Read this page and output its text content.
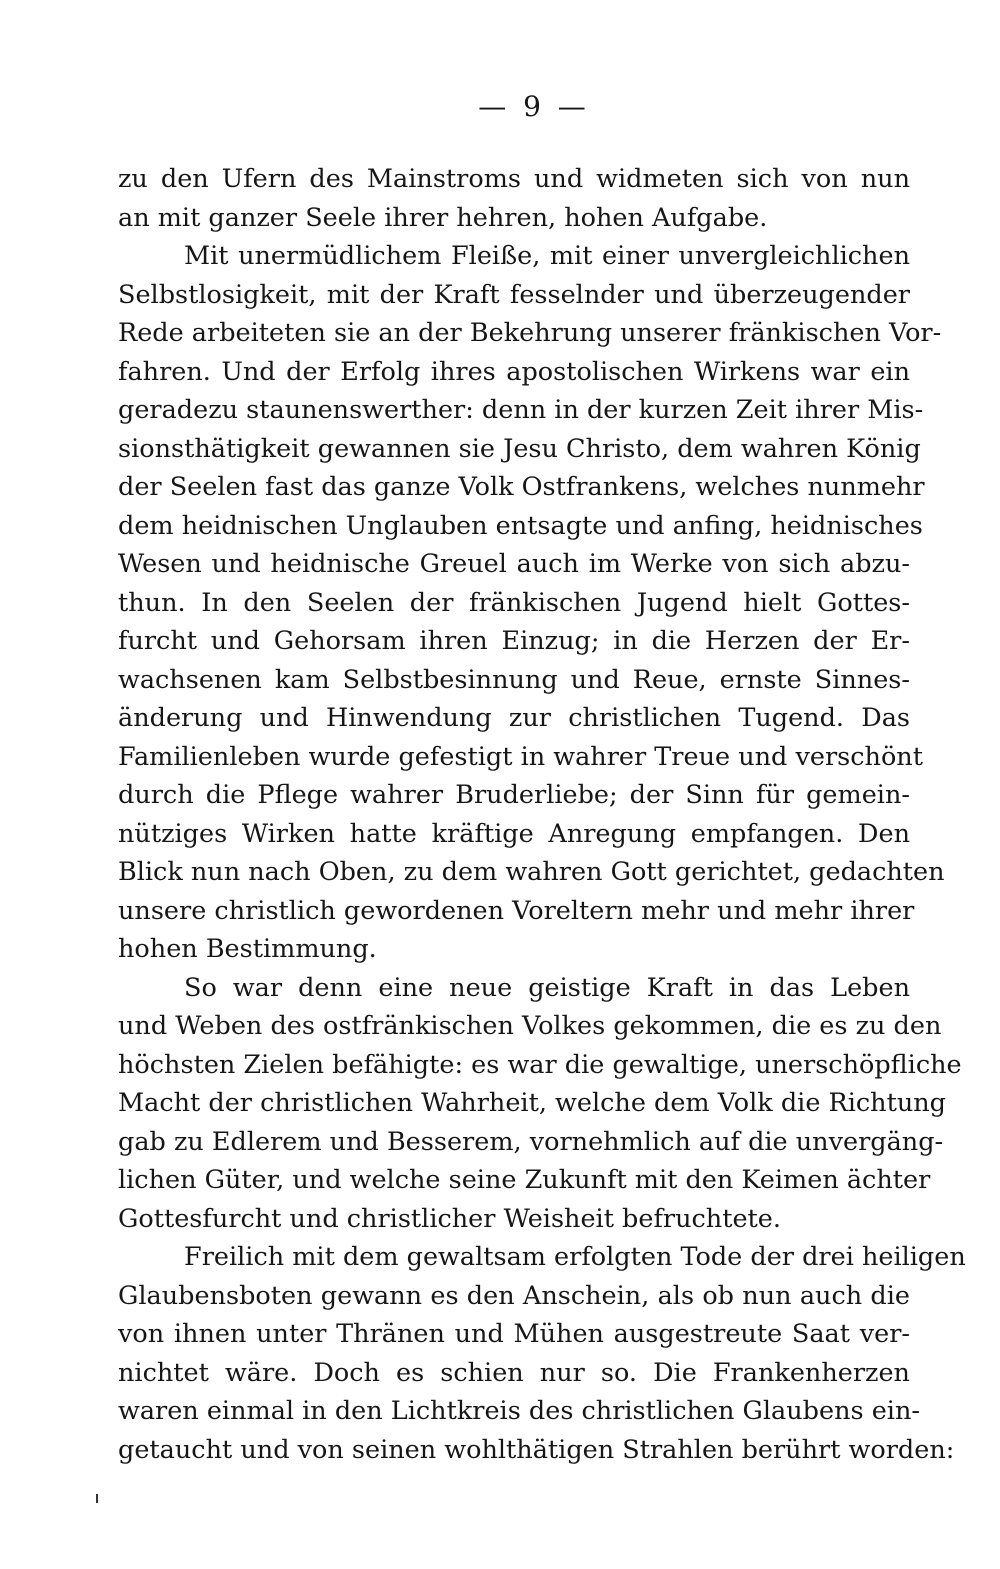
— 9 —
zu den Ufern des Mainstroms und widmeten sich von nun
an mit ganzer Seele ihrer hehren, hohen Aufgabe.
Mit unermüdlichem Fleiße, mit einer unvergleichlichen
Selbstlosigkeit, mit der Kraft fesselnder und überzeugender
Rede arbeiteten sie an der Bekehrung unserer fränkischen Vor-
fahren. Und der Erfolg ihres apostolischen Wirkens war ein
geradezu staunenswerther: denn in der kurzen Zeit ihrer Mis-
sionsthätigkeit gewannen sie Jesu Christo, dem wahren König
der Seelen fast das ganze Volk Ostfrankens, welches nunmehr
dem heidnischen Unglauben entsagte und anfing, heidnisches
Wesen und heidnische Greuel auch im Werke von sich abzu-
thun. In den Seelen der fränkischen Jugend hielt Gottes-
furcht und Gehorsam ihren Einzug; in die Herzen der Er-
wachsenen kam Selbstbesinnung und Reue, ernste Sinnes-
änderung und Hinwendung zur christlichen Tugend. Das
Familienleben wurde gefestigt in wahrer Treue und verschönt
durch die Pflege wahrer Bruderliebe; der Sinn für gemein-
nütziges Wirken hatte kräftige Anregung empfangen. Den
Blick nun nach Oben, zu dem wahren Gott gerichtet, gedachten
unsere christlich gewordenen Voreltern mehr und mehr ihrer
hohen Bestimmung.
So war denn eine neue geistige Kraft in das Leben
und Weben des ostfränkischen Volkes gekommen, die es zu den
höchsten Zielen befähigte: es war die gewaltige, unerschöpfliche
Macht der christlichen Wahrheit, welche dem Volk die Richtung
gab zu Edlerem und Besserem, vornehmlich auf die unvergäng-
lichen Güter, und welche seine Zukunft mit den Keimen ächter
Gottesfurcht und christlicher Weisheit befruchtete.
Freilich mit dem gewaltsam erfolgten Tode der drei heiligen
Glaubensboten gewann es den Anschein, als ob nun auch die
von ihnen unter Thränen und Mühen ausgestreute Saat ver-
nichtet wäre. Doch es schien nur so. Die Frankenherzen
waren einmal in den Lichtkreis des christlichen Glaubens ein-
getaucht und von seinen wohlthätigen Strahlen berührt worden:
